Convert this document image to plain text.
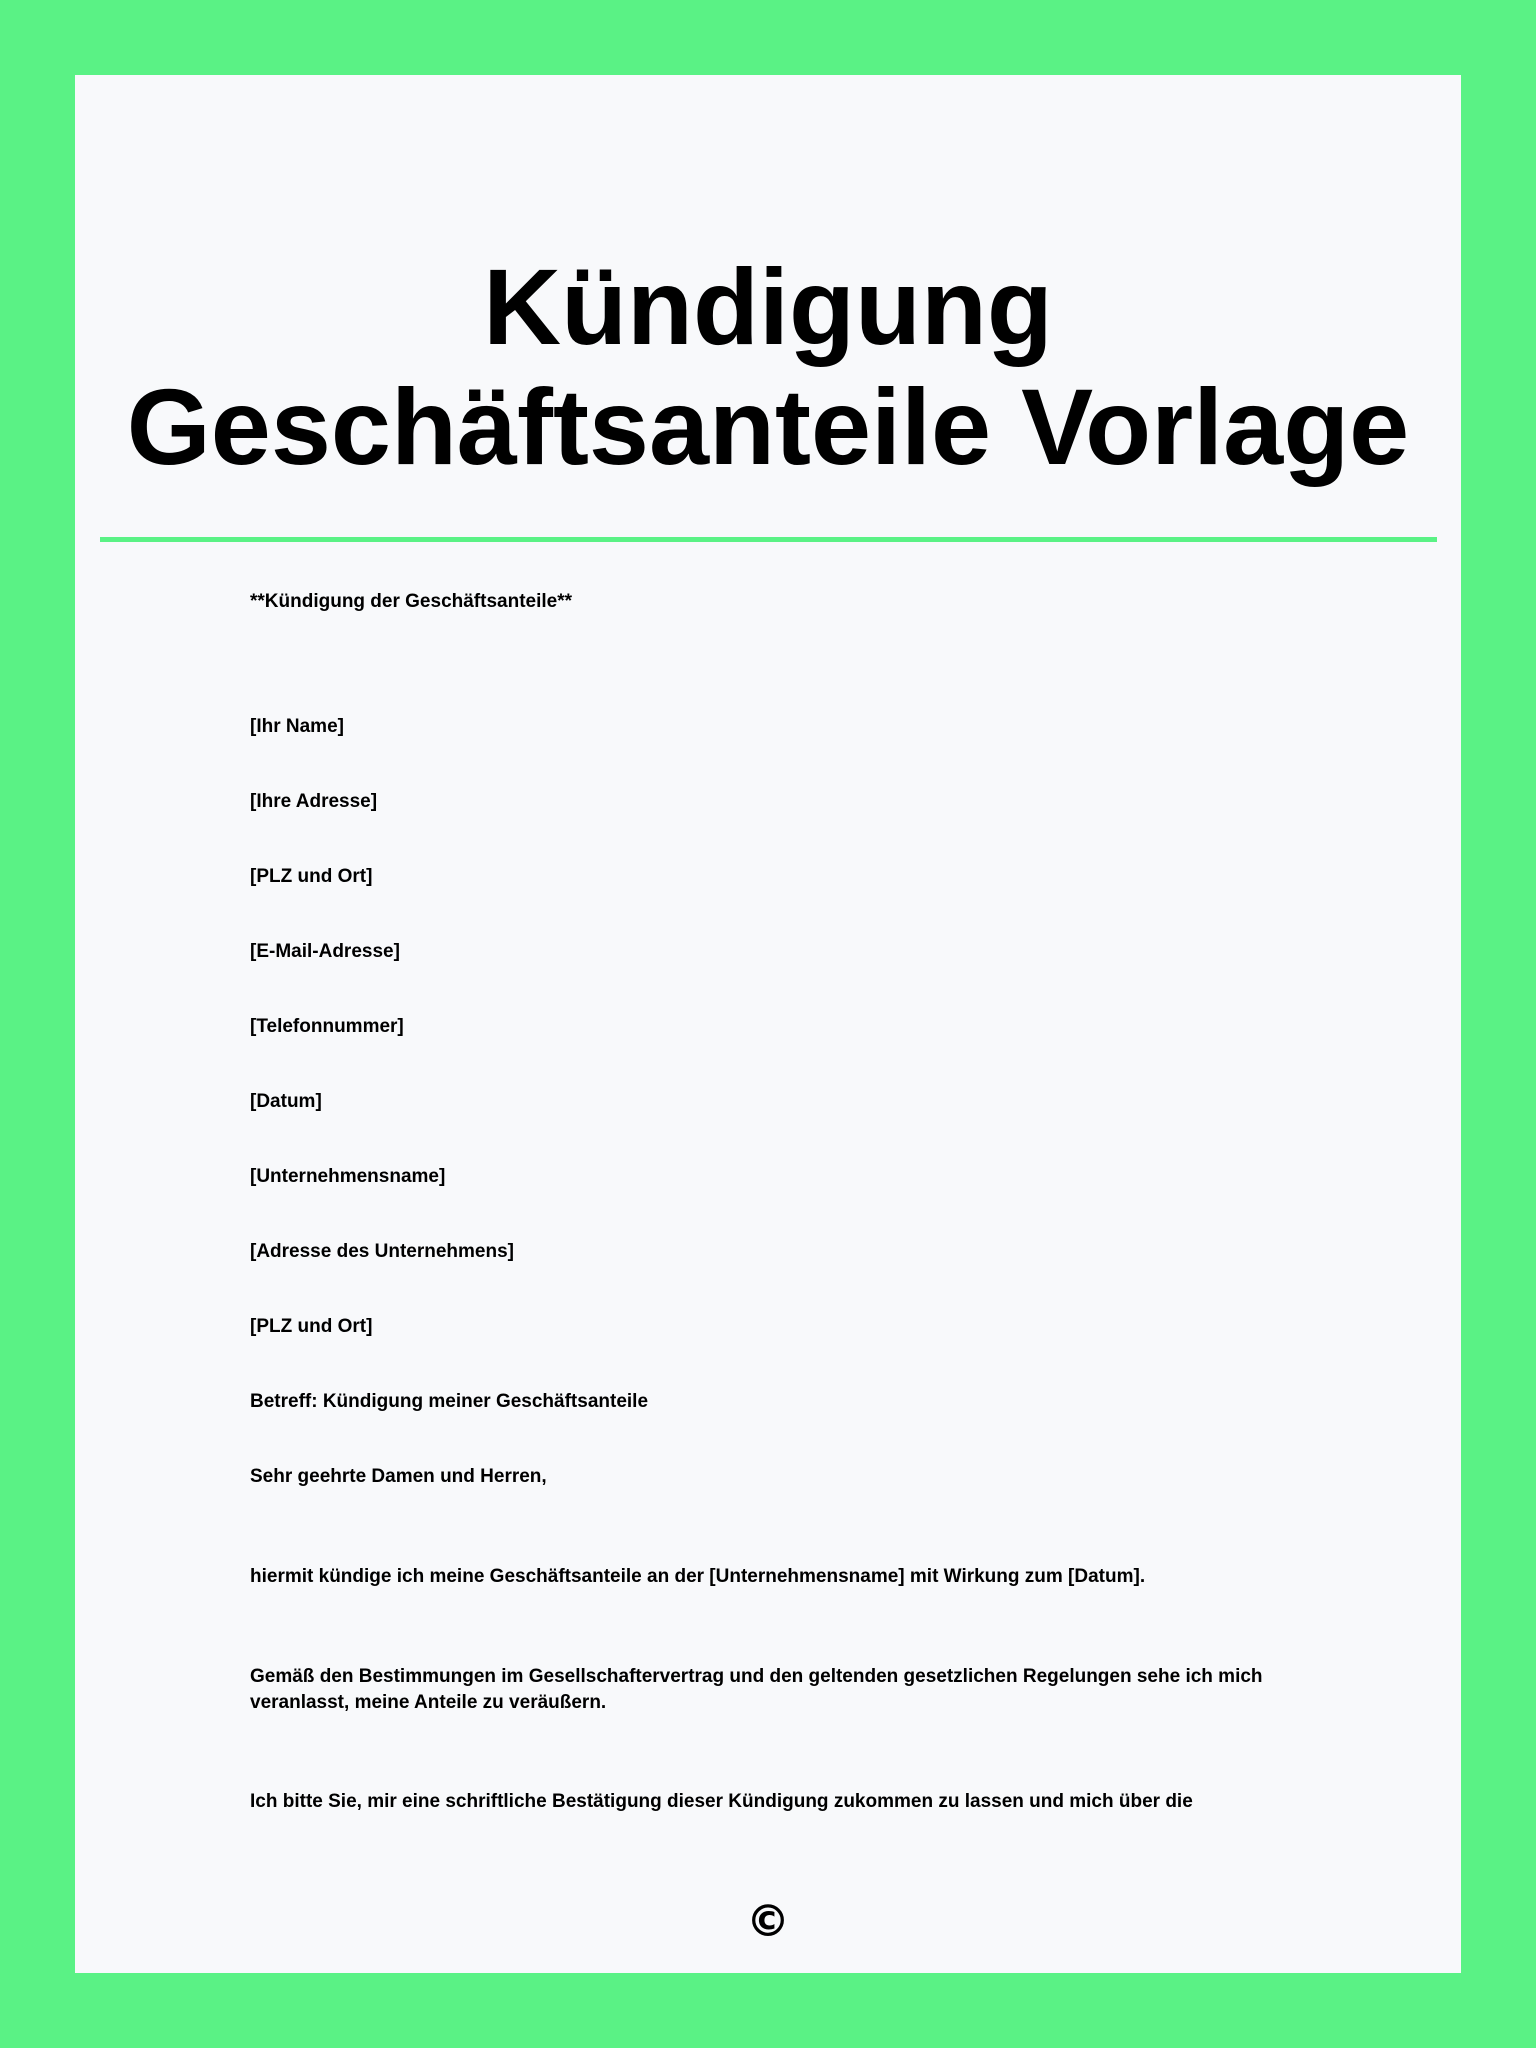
Kündigung Geschäftsanteile Vorlage

**Kündigung der Geschäftsanteile**

[Ihr Name]

[Ihre Adresse]

[PLZ und Ort]

[E-Mail-Adresse]

[Telefonnummer]

[Datum]

[Unternehmensname]

[Adresse des Unternehmens]

[PLZ und Ort]

Betreff: Kündigung meiner Geschäftsanteile

Sehr geehrte Damen und Herren,

hiermit kündige ich meine Geschäftsanteile an der [Unternehmensname] mit Wirkung zum [Datum].

Gemäß den Bestimmungen im Gesellschaftervertrag und den geltenden gesetzlichen Regelungen sehe ich mich veranlasst, meine Anteile zu veräußern.

Ich bitte Sie, mir eine schriftliche Bestätigung dieser Kündigung zukommen zu lassen und mich über die

©
